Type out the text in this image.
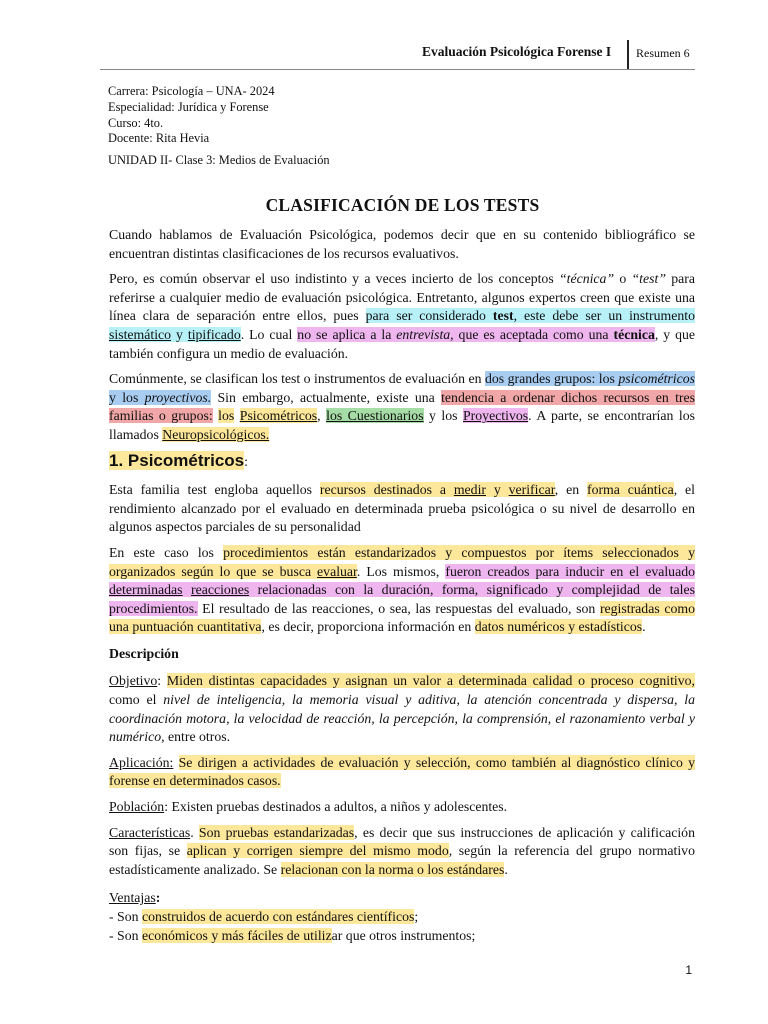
Evaluación Psicológica Forense I Resumen 6
Carrera: Psicología – UNA- 2024
Especialidad: Jurídica y Forense
Curso: 4to.
Docente: Rita Hevia
UNIDAD II- Clase 3: Medios de Evaluación
CLASIFICACIÓN DE LOS TESTS

Cuando hablamos de Evaluación Psicológica, podemos decir que en su contenido bibliográfico se encuentran distintas clasificaciones de los recursos evaluativos.

Pero, es común observar el uso indistinto y a veces incierto de los conceptos “técnica” o “test” para referirse a cualquier medio de evaluación psicológica. Entretanto, algunos expertos creen que existe una línea clara de separación entre ellos, pues para ser considerado test, este debe ser un instrumento sistemático y tipificado. Lo cual no se aplica a la entrevista, que es aceptada como una técnica, y que también configura un medio de evaluación.

Comúnmente, se clasifican los test o instrumentos de evaluación en dos grandes grupos: los psicométricos y los proyectivos. Sin embargo, actualmente, existe una tendencia a ordenar dichos recursos en tres familias o grupos: los Psicométricos, los Cuestionarios y los Proyectivos. A parte, se encontrarían los llamados Neuropsicológicos.

1. Psicométricos:

Esta familia test engloba aquellos recursos destinados a medir y verificar, en forma cuántica, el rendimiento alcanzado por el evaluado en determinada prueba psicológica o su nivel de desarrollo en algunos aspectos parciales de su personalidad

En este caso los procedimientos están estandarizados y compuestos por ítems seleccionados y organizados según lo que se busca evaluar. Los mismos, fueron creados para inducir en el evaluado determinadas reacciones relacionadas con la duración, forma, significado y complejidad de tales procedimientos. El resultado de las reacciones, o sea, las respuestas del evaluado, son registradas como una puntuación cuantitativa, es decir, proporciona información en datos numéricos y estadísticos.

Descripción

Objetivo: Miden distintas capacidades y asignan un valor a determinada calidad o proceso cognitivo, como el nivel de inteligencia, la memoria visual y aditiva, la atención concentrada y dispersa, la coordinación motora, la velocidad de reacción, la percepción, la comprensión, el razonamiento verbal y numérico, entre otros.

Aplicación: Se dirigen a actividades de evaluación y selección, como también al diagnóstico clínico y forense en determinados casos.

Población: Existen pruebas destinados a adultos, a niños y adolescentes.

Características. Son pruebas estandarizadas, es decir que sus instrucciones de aplicación y calificación son fijas, se aplican y corrigen siempre del mismo modo, según la referencia del grupo normativo estadísticamente analizado. Se relacionan con la norma o los estándares.

Ventajas:
- Son construidos de acuerdo con estándares científicos;
- Son económicos y más fáciles de utilizar que otros instrumentos;
1
